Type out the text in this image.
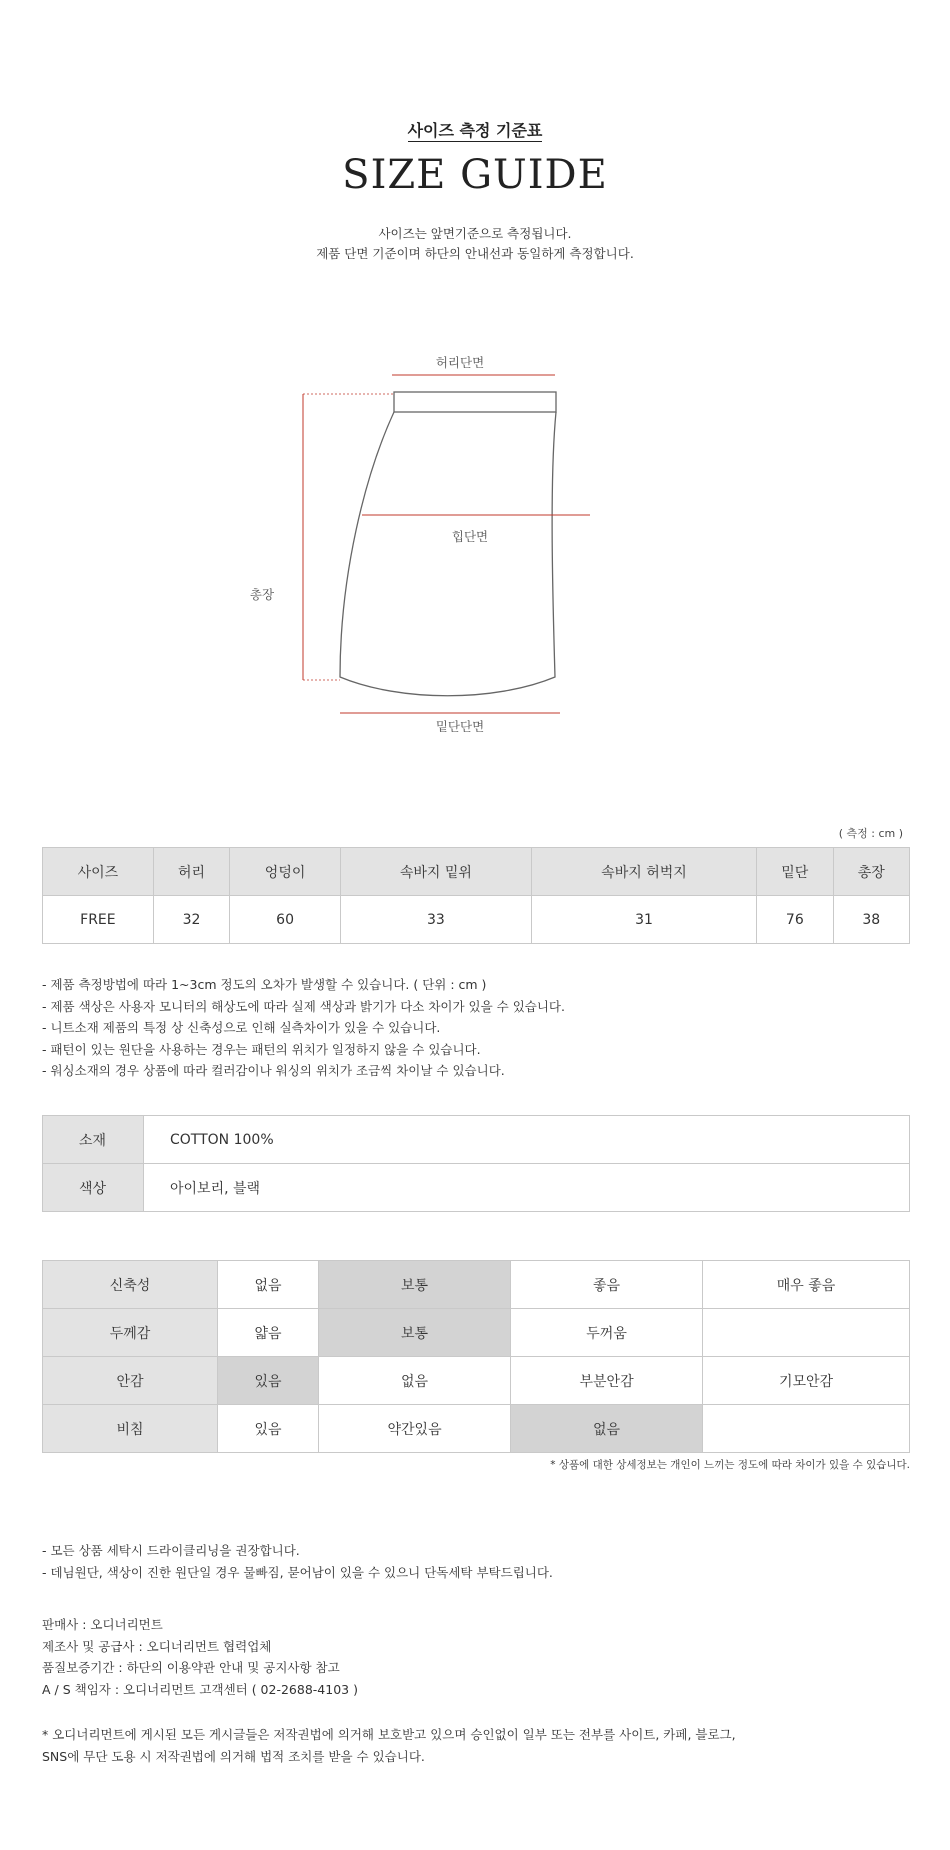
사이즈 측정 기준표
SIZE GUIDE
사이즈는 앞면기준으로 측정됩니다.
제품 단면 기준이며 하단의 안내선과 동일하게 측정합니다.
허리단면
힙단면
총장
밑단단면
( 측정 : cm )
사이즈	허리	엉덩이	속바지 밑위	속바지 허벅지	밑단	총장
FREE	32	60	33	31	76	38
- 제품 측정방법에 따라 1~3cm 정도의 오차가 발생할 수 있습니다. ( 단위 : cm )
- 제품 색상은 사용자 모니터의 해상도에 따라 실제 색상과 밝기가 다소 차이가 있을 수 있습니다.
- 니트소재 제품의 특정 상 신축성으로 인해 실측차이가 있을 수 있습니다.
- 패턴이 있는 원단을 사용하는 경우는 패턴의 위치가 일정하지 않을 수 있습니다.
- 워싱소재의 경우 상품에 따라 컬러감이나 워싱의 위치가 조금씩 차이날 수 있습니다.
소재	COTTON 100%
색상	아이보리, 블랙
신축성	없음	보통	좋음	매우 좋음
두께감	얇음	보통	두꺼움	
안감	있음	없음	부분안감	기모안감
비침	있음	약간있음	없음	
* 상품에 대한 상세정보는 개인이 느끼는 정도에 따라 차이가 있을 수 있습니다.
- 모든 상품 세탁시 드라이클리닝을 권장합니다.
- 데님원단, 색상이 진한 원단일 경우 물빠짐, 묻어남이 있을 수 있으니 단독세탁 부탁드립니다.
판매사 : 오디너리먼트
제조사 및 공급사 : 오디너리먼트 협력업체
품질보증기간 : 하단의 이용약관 안내 및 공지사항 참고
A / S 책임자 : 오디너리먼트 고객센터 ( 02-2688-4103 )
* 오디너리먼트에 게시된 모든 게시글들은 저작권법에 의거해 보호받고 있으며 승인없이 일부 또는 전부를 사이트, 카페, 블로그,
SNS에 무단 도용 시 저작권법에 의거해 법적 조치를 받을 수 있습니다.
